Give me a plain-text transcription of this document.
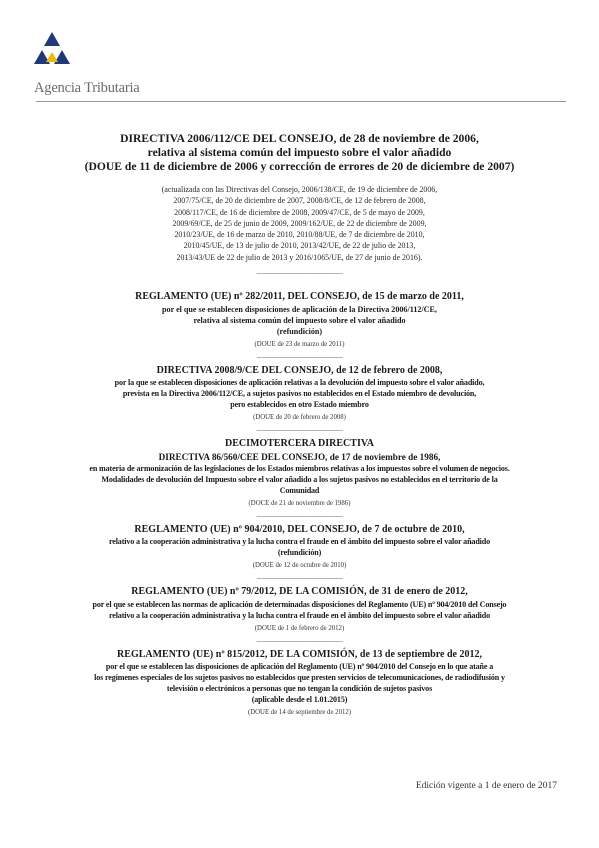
Agencia Tributaria

DIRECTIVA 2006/112/CE DEL CONSEJO, de 28 de noviembre de 2006,
relativa al sistema común del impuesto sobre el valor añadido
(DOUE de 11 de diciembre de 2006 y corrección de errores de 20 de diciembre de 2007)

(actualizada con las Directivas del Consejo, 2006/138/CE, de 19 de diciembre de 2006,
2007/75/CE, de 20 de diciembre de 2007, 2008/8/CE, de 12 de febrero de 2008,
2008/117/CE, de 16 de diciembre de 2008, 2009/47/CE, de 5 de mayo de 2009,
2009/69/CE, de 25 de junio de 2009, 2009/162/UE, de 22 de diciembre de 2009,
2010/23/UE, de 16 de marzo de 2010, 2010/88/UE, de 7 de diciembre de 2010,
2010/45/UE, de 13 de julio de 2010, 2013/42/UE, de 22 de julio de 2013,
2013/43/UE de 22 de julio de 2013 y 2016/1065/UE, de 27 de junio de 2016).

-----------------------------------------------

REGLAMENTO (UE) nº 282/2011, DEL CONSEJO, de 15 de marzo de 2011,

por el que se establecen disposiciones de aplicación de la Directiva 2006/112/CE,
relativa al sistema común del impuesto sobre el valor añadido
(refundición)

(DOUE de 23 de marzo de 2011)

-----------------------------------------------

DIRECTIVA 2008/9/CE DEL CONSEJO, de 12 de febrero de 2008,

por la que se establecen disposiciones de aplicación relativas a la devolución del impuesto sobre el valor añadido,
prevista en la Directiva 2006/112/CE, a sujetos pasivos no establecidos en el Estado miembro de devolución,
pero establecidos en otro Estado miembro

(DOUE de 20 de febrero de 2008)

-----------------------------------------------

DECIMOTERCERA DIRECTIVA

DIRECTIVA 86/560/CEE DEL CONSEJO, de 17 de noviembre de 1986,

en materia de armonización de las legislaciones de los Estados miembros relativas a los impuestos sobre el volumen de negocios.
Modalidades de devolución del Impuesto sobre el valor añadido a los sujetos pasivos no establecidos en el territorio de la
Comunidad

(DOCE de 21 de noviembre de 1986)

-----------------------------------------------

REGLAMENTO (UE) nº 904/2010, DEL CONSEJO, de 7 de octubre de 2010,

relativo a la cooperación administrativa y la lucha contra el fraude en el ámbito del impuesto sobre el valor añadido
(refundición)

(DOUE de 12 de octubre de 2010)

-----------------------------------------------

REGLAMENTO (UE) nº 79/2012, DE LA COMISIÓN, de 31 de enero de 2012,

por el que se establecen las normas de aplicación de determinadas disposiciones del Reglamento (UE) nº 904/2010 del Consejo
relativo a la cooperación administrativa y la lucha contra el fraude en el ámbito del impuesto sobre el valor añadido

(DOUE de 1 de febrero de 2012)

-----------------------------------------------

REGLAMENTO (UE) nº 815/2012, DE LA COMISIÓN, de 13 de septiembre de 2012,

por el que se establecen las disposiciones de aplicación del Reglamento (UE) nº 904/2010 del Consejo en lo que atañe a
los regímenes especiales de los sujetos pasivos no establecidos que presten servicios de telecomunicaciones, de radiodifusión y
televisión o electrónicos a personas que no tengan la condición de sujetos pasivos
(aplicable desde el 1.01.2015)

(DOUE de 14 de septiembre de 2012)

Edición vigente a 1 de enero de 2017
